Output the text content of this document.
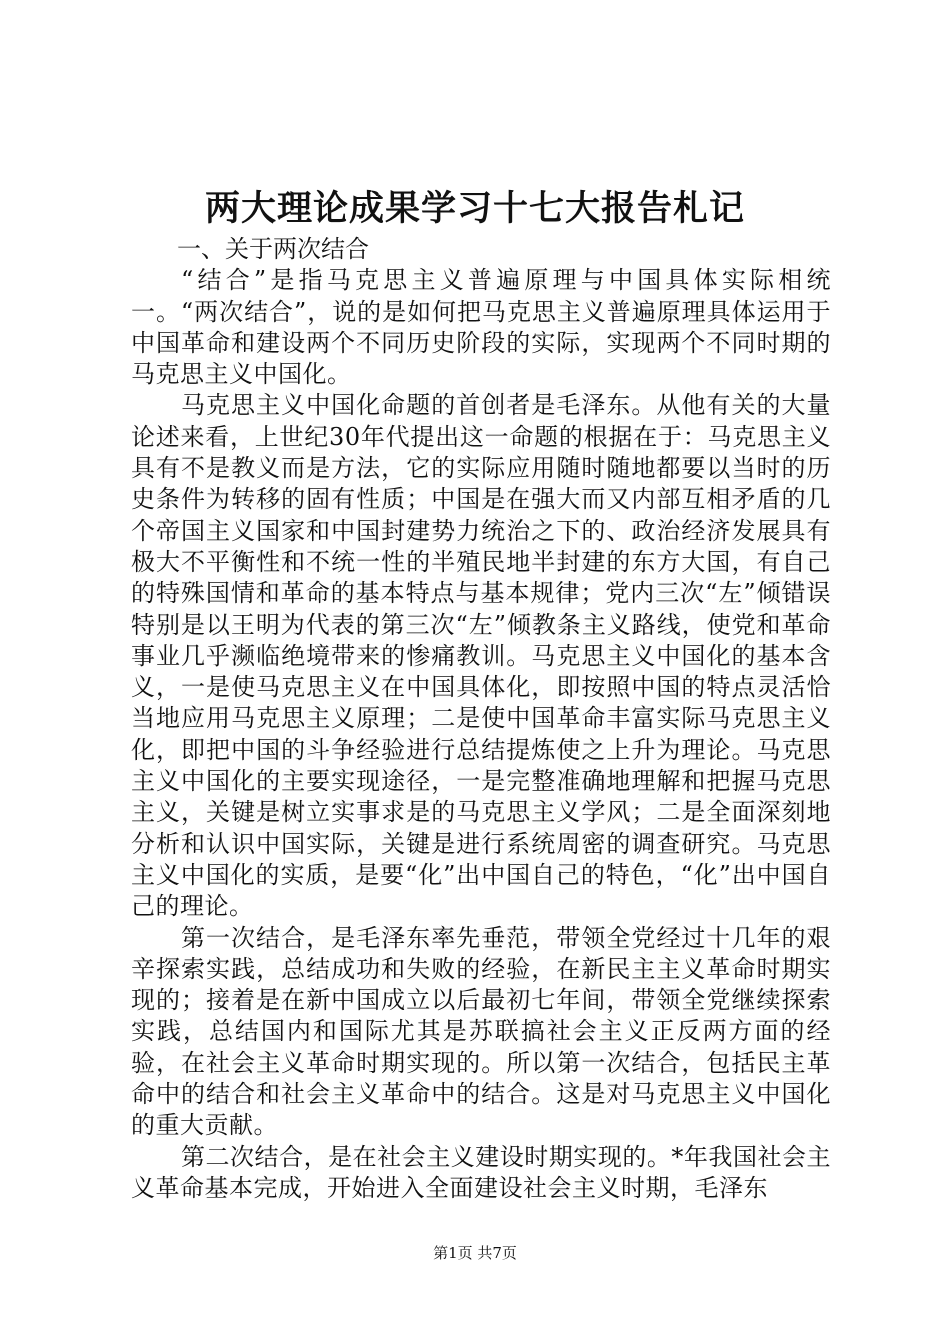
两大理论成果学习十七大报告札记

一、关于两次结合

“结合”是指马克思主义普遍原理与中国具体实际相统一。“两次结合”，说的是如何把马克思主义普遍原理具体运用于中国革命和建设两个不同历史阶段的实际，实现两个不同时期的马克思主义中国化。

马克思主义中国化命题的首创者是毛泽东。从他有关的大量论述来看，上世纪30年代提出这一命题的根据在于：马克思主义具有不是教义而是方法，它的实际应用随时随地都要以当时的历史条件为转移的固有性质；中国是在强大而又内部互相矛盾的几个帝国主义国家和中国封建势力统治之下的、政治经济发展具有极大不平衡性和不统一性的半殖民地半封建的东方大国，有自己的特殊国情和革命的基本特点与基本规律；党内三次“左”倾错误特别是以王明为代表的第三次“左”倾教条主义路线，使党和革命事业几乎濒临绝境带来的惨痛教训。马克思主义中国化的基本含义，一是使马克思主义在中国具体化，即按照中国的特点灵活恰当地应用马克思主义原理；二是使中国革命丰富实际马克思主义化，即把中国的斗争经验进行总结提炼使之上升为理论。马克思主义中国化的主要实现途径，一是完整准确地理解和把握马克思主义，关键是树立实事求是的马克思主义学风；二是全面深刻地分析和认识中国实际，关键是进行系统周密的调查研究。马克思主义中国化的实质，是要“化”出中国自己的特色，“化”出中国自己的理论。

第一次结合，是毛泽东率先垂范，带领全党经过十几年的艰辛探索实践，总结成功和失败的经验，在新民主主义革命时期实现的；接着是在新中国成立以后最初七年间，带领全党继续探索实践，总结国内和国际尤其是苏联搞社会主义正反两方面的经验，在社会主义革命时期实现的。所以第一次结合，包括民主革命中的结合和社会主义革命中的结合。这是对马克思主义中国化的重大贡献。

第二次结合，是在社会主义建设时期实现的。*年我国社会主义革命基本完成，开始进入全面建设社会主义时期，毛泽东

第1页 共7页
